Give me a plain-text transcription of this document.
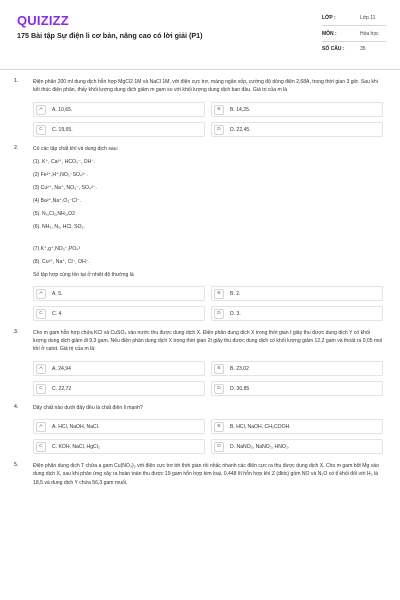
QUIZIZZ
175 Bài tập Sự điện li cơ bản, nâng cao có lời giải (P1)
LỚP :	Lớp 11
MÔN :	Hóa học
SỐ CÂU :	35
1.	Điện phân 200 ml dung dịch hỗn hợp MgCl2 1M và NaCl 1M, với điện cực trơ, màng ngăn xốp, cường độ dòng điện 2,68A, trong thời gian 3 giờ. Sau khi kết thúc điện phân, thấy khối lượng dung dịch giảm m gam so với khối lượng dung dịch ban đầu. Giá trị của m là
A	A. 10,65.	B	B. 14,25.
C	C. 19,65.	D	D. 22,45.
2.	Có các tập chất khí và dung dịch sau:
(1). K⁺, Ca²⁺, HCO₃⁻, OH⁻.
(2) Fe²⁺,H⁺,NO₃⁻SO₄²⁻.
(3) Cu²⁺, Na⁺, NO₃⁻, SO₄²⁻.
(4) Ba²⁺,Na⁺,O₃⁻Cl⁻.
(5). N₂,Cl₂,NH₃,O2
(6). NH₃, N₂, HCl, SO₂.
(7).K⁺,g⁺,NO₃⁻,PO₄³
(8). Cu²⁺, Na⁺, Cl⁻, OH⁻.
Số tập hợp cùng tồn tại ở nhiệt độ thường là
A	A. 5.	B	B. 2.
C	C. 4	D	D. 3.
3.	Cho m gam hỗn hợp chứa KCl và CuSO₄ vào nước thu được dung dịch X. Điện phân dung dịch X trong thời gian t giây thu được dung dịch Y có khối lượng dung dịch giảm đi 9,3 gam. Nếu điện phân dung dịch X trong thời gian 2t giây thu được dung dịch có khối lượng giảm 12,2 gam và thoát ra 0,05 mol khí ở catot. Giá trị của m là:
A	A. 24,94	B	B. 23,02
C	C. 22,72	D	D. 30,85
4.	Dãy chất nào dưới đây đều là chất điện li mạnh?
A	A. HCl, NaOH, NaCl.	B	B. HCl, NaOH, CH₃COOH.
C	C. KOH, NaCl, HgCl₂	D	D. NaNO₃, NaNO₂, HNO₂.
5.	Điện phân dung dịch T chứa a gam Cu(NO₃)₂ với điện cực trơ tới thời gian rồi nhấc nhanh các điện cực ra thu được dung dịch X. Cho m gam bột Mg vào dung dịch X, sau khi phản ứng xảy ra hoàn toàn thu được 19 gam hỗn hợp kim loại, 0,448 lít hỗn hợp khí Z (đktc) gồm NO và N₂O có tỉ khối đối với H₂ là 18,5 và dung dịch Y chứa 56,3 gam muối.
